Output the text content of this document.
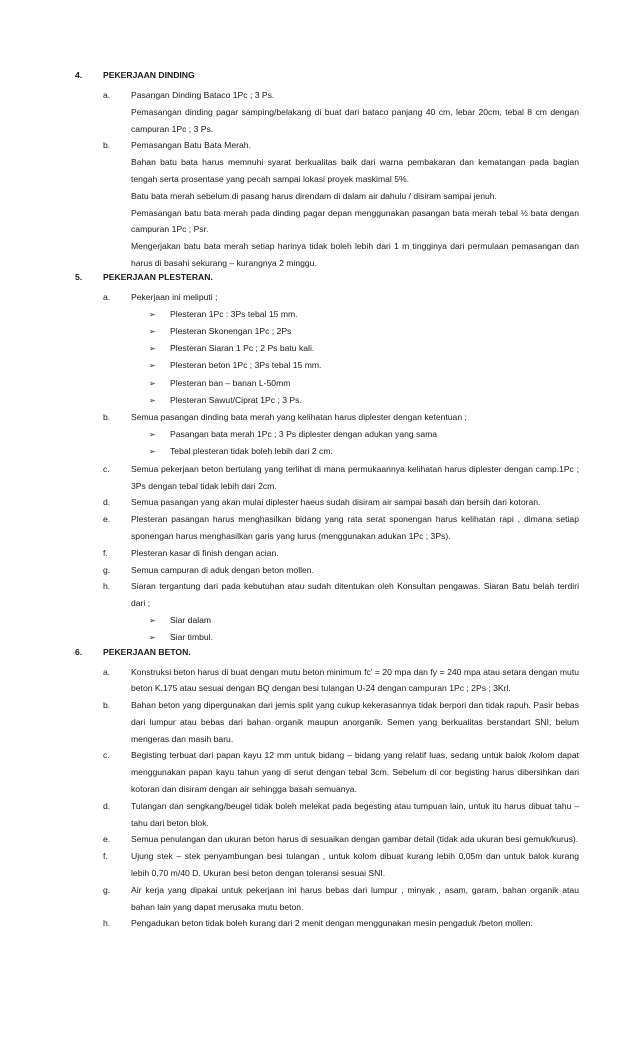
4.	PEKERJAAN DINDING
a.	Pasangan Dinding Bataco 1Pc ; 3 Ps.
Pemasangan dinding pagar samping/belakang di buat dari bataco panjang 40 cm, lebar 20cm, tebal 8 cm dengan campuran 1Pc ; 3 Ps.
b.	Pemasangan Batu Bata Merah.
Bahan batu bata harus memnuhi syarat berkualitas baik dari warna pembakaran dan kematangan pada bagian tengah serta prosentase yang pecah sampai lokasi proyek maskimal 5%.
Batu bata merah sebelum di pasang harus direndam di dalam air dahulu / disiram sampai jenuh.
Pemasangan batu bata merah pada dinding pagar depan menggunakan pasangan bata merah tebal ½ bata dengan campuran 1Pc ; Psr.
Mengerjakan batu bata merah setiap harinya tidak boleh lebih dari 1 m tingginya dari permulaan pemasangan dan harus di basahi sekurang – kurangnya 2 minggu.
5.	PEKERJAAN PLESTERAN.
a.	Pekerjaan ini meliputi ;
➢	Plesteran 1Pc : 3Ps tebal 15 mm.
➢	Plesteran Skonengan 1Pc ; 2Ps
➢	Plesteran Siaran 1 Pc ; 2 Ps batu kali.
➢	Plesteran beton 1Pc ; 3Ps tebal 15 mm.
➢	Plesteran ban – banan L-50mm
➢	Plesteran Sawut/Ciprat 1Pc ; 3 Ps.
b.	Semua pasangan dinding bata merah yang kelihatan harus diplester dengan ketentuan ;
➢	Pasangan bata merah 1Pc ; 3 Ps diplester dengan adukan yang sama
➢	Tebal plesteran tidak boleh lebih dari 2 cm.
c.	Semua pekerjaan beton bertulang yang terlihat di mana permukaannya kelihatan harus diplester dengan camp.1Pc ; 3Ps dengan tebal tidak lebih dari 2cm.
d.	Semua pasangan yang akan mulai diplester haeus sudah disiram air sampai basah dan bersih dari kotoran.
e.	Plesteran pasangan harus menghasilkan bidang yang rata serat sponengan harus kelihatan rapi , dimana setiap sponengan harus menghasilkan garis yang lurus (menggunakan adukan 1Pc ; 3Ps).
f.	Plesteran kasar di finish dengan acian.
g.	Semua campuran di aduk dengan beton mollen.
h.	Siaran tergantung dari pada kebutuhan atau sudah ditentukan oleh Konsultan pengawas. Siaran Batu belah terdiri dari ;
➢	Siar dalam
➢	Siar timbul.
6.	PEKERJAAN BETON.
a.	Konstruksi beton harus di buat dengan mutu beton minimum fc’ = 20 mpa dan fy = 240 mpa atau setara dengan mutu beton K.175 atau sesuai dengan BQ dengan besi tulangan U-24 dengan campuran 1Pc ; 2Ps ; 3Krl.
b.	Bahan beton yang dipergunakan dari jemis split yang cukup kekerasannya tidak berpori dan tidak rapuh. Pasir bebas dari lumpur atau bebas dari bahan organik maupun anorganik. Semen yang berkualitas berstandart SNI, belum mengeras dan masih baru.
c.	Begisting terbuat dari papan kayu 12 mm untuk bidang – bidang yang relatif luas, sedang untuk balok /kolom dapat menggunakan papan kayu tahun yang di serut dengan tebal 3cm. Sebelum di cor begisting harus dibersihkan dari kotoran dan disiram dengan air sehingga basah semuanya.
d.	Tulangan dan sengkang/beugel tidak boleh melekat pada begesting atau tumpuan lain, untuk itu harus dibuat tahu – tahu dari beton blok.
e.	Semua penulangan dan ukuran beton harus di sesuaikan dengan gambar detail (tidak ada ukuran besi gemuk/kurus).
f.	Ujung stek – stek penyambungan besi tulangan , untuk kolom dibuat kurang lebih 0,05m dan untuk balok kurang lebih 0,70 m/40 D. Ukuran besi beton dengan toleransi sesuai SNI.
g.	Air kerja yang dipakai untuk pekerjaan ini harus bebas dari lumpur , minyak , asam, garam, bahan organik atau bahan lain yang dapat merusaka mutu beton.
h.	Pengadukan beton tidak boleh kurang dari 2 menit dengan menggunakan mesin pengaduk /beton mollen.
